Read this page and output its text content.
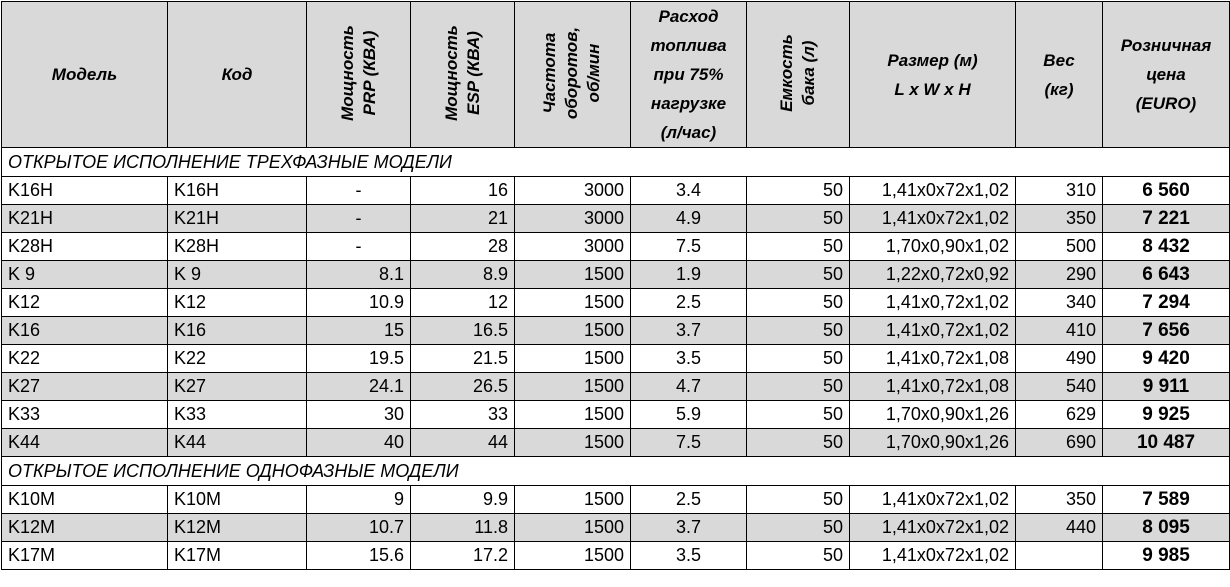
Модель	Код	Мощность PRP (КВА)	Мощность ESP (КВА)	Частота оборотов, об/мин	Расход
топлива
при 75%
нагрузке
(л/час)	Емкость бака (л)	Размер (м)
L x W x H	Вес
(кг)	Розничная
цена
(EURO)
ОТКРЫТОЕ ИСПОЛНЕНИЕ ТРЕХФАЗНЫЕ МОДЕЛИ									
K16H	K16H	-	16	3000	3.4	50	1,41x0x72x1,02	310	6 560
K21H	K21H	-	21	3000	4.9	50	1,41x0x72x1,02	350	7 221
K28H	K28H	-	28	3000	7.5	50	1,70x0,90x1,02	500	8 432
K 9	K 9	8.1	8.9	1500	1.9	50	1,22x0,72x0,92	290	6 643
K12	K12	10.9	12	1500	2.5	50	1,41x0,72x1,02	340	7 294
K16	K16	15	16.5	1500	3.7	50	1,41x0,72x1,02	410	7 656
K22	K22	19.5	21.5	1500	3.5	50	1,41x0,72x1,08	490	9 420
K27	K27	24.1	26.5	1500	4.7	50	1,41x0,72x1,08	540	9 911
K33	K33	30	33	1500	5.9	50	1,70x0,90x1,26	629	9 925
K44	K44	40	44	1500	7.5	50	1,70x0,90x1,26	690	10 487
ОТКРЫТОЕ ИСПОЛНЕНИЕ ОДНОФАЗНЫЕ МОДЕЛИ									
K10M	K10M	9	9.9	1500	2.5	50	1,41x0x72x1,02	350	7 589
K12M	K12M	10.7	11.8	1500	3.7	50	1,41x0x72x1,02	440	8 095
K17M	K17M	15.6	17.2	1500	3.5	50	1,41x0x72x1,02		9 985
